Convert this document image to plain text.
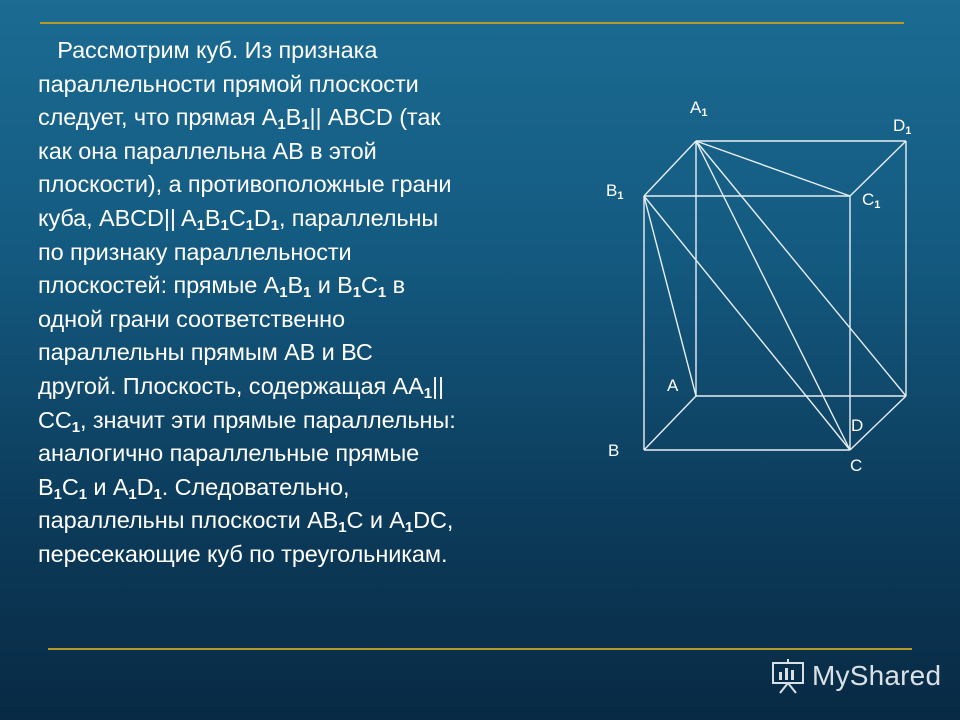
Рассмотрим куб. Из признака
параллельности прямой плоскости
следует, что прямая $А_1В_1||$ ABCD (так
как она параллельна АВ в этой
плоскости), а противоположные грани
куба, ABCD|| $A_1B_1C_1D_1$, параллельны
по признаку параллельности
плоскостей: прямые $А_1В_1$ и $В_1С_1$ в
одной грани соответственно
параллельны прямым АВ и ВС
другой. Плоскость, содержащая $АА_1||$
$СС_1$, значит эти прямые параллельны:
аналогично параллельные прямые
$В_1С_1$ и $А_1D_1$. Следовательно,
параллельны плоскости $АВ_1С$ и $А_1DC$,
пересекающие куб по треугольникам.
$A_1$
$D_1$
$B_1$	$C_1$
A
D
B
C
MyShared
